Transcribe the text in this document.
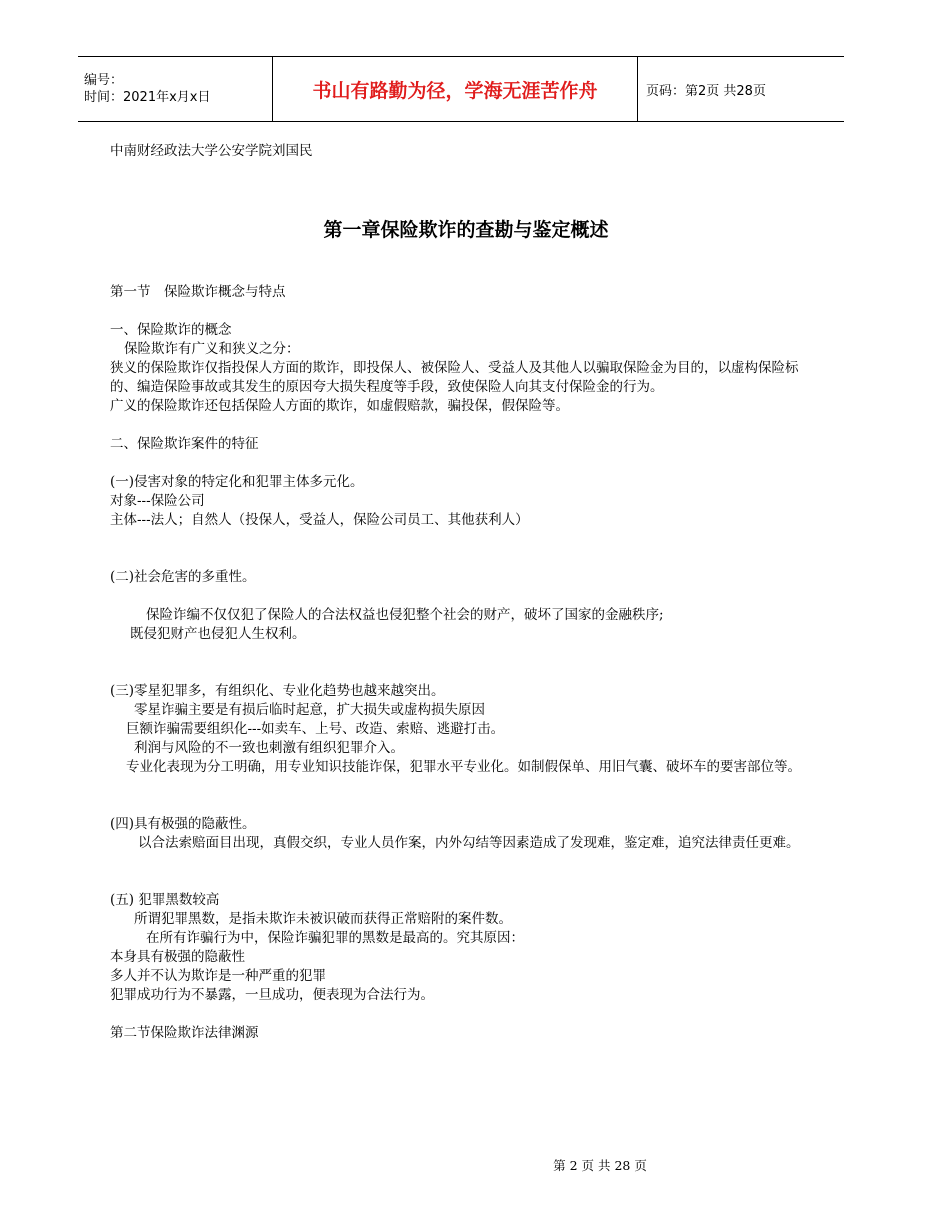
编号：
时间：2021年x月x日	书山有路勤为径，学海无涯苦作舟	页码：第2页 共28页

中南财经政法大学公安学院刘国民

第一章保险欺诈的查勘与鉴定概述

第一节　保险欺诈概念与特点

一、保险欺诈的概念

保险欺诈有广义和狭义之分：

狭义的保险欺诈仅指投保人方面的欺诈，即投保人、被保险人、受益人及其他人以骗取保险金为目的，以虚构保险标的、编造保险事故或其发生的原因夸大损失程度等手段，致使保险人向其支付保险金的行为。

广义的保险欺诈还包括保险人方面的欺诈，如虚假赔款，骗投保，假保险等。

二、保险欺诈案件的特征

(一)侵害对象的特定化和犯罪主体多元化。

对象---保险公司

主体---法人；自然人（投保人，受益人，保险公司员工、其他获利人）

(二)社会危害的多重性。

保险诈编不仅仅犯了保险人的合法权益也侵犯整个社会的财产，破坏了国家的金融秩序;

既侵犯财产也侵犯人生权利。

(三)零星犯罪多，有组织化、专业化趋势也越来越突出。

零星诈骗主要是有损后临时起意，扩大损失或虚构损失原因

巨额诈骗需要组织化---如卖车、上号、改造、索赔、逃避打击。

利润与风险的不一致也刺激有组织犯罪介入。

专业化表现为分工明确，用专业知识技能诈保，犯罪水平专业化。如制假保单、用旧气囊、破坏车的要害部位等。

(四)具有极强的隐蔽性。

以合法索赔面目出现，真假交织，专业人员作案，内外勾结等因素造成了发现难，鉴定难，追究法律责任更难。

(五) 犯罪黑数较高

所谓犯罪黑数，是指未欺诈未被识破而获得正常赔附的案件数。

在所有诈骗行为中，保险诈骗犯罪的黑数是最高的。究其原因：

本身具有极强的隐蔽性

多人并不认为欺诈是一种严重的犯罪

犯罪成功行为不暴露，一旦成功，便表现为合法行为。

第二节保险欺诈法律渊源

第 2 页 共 28 页
